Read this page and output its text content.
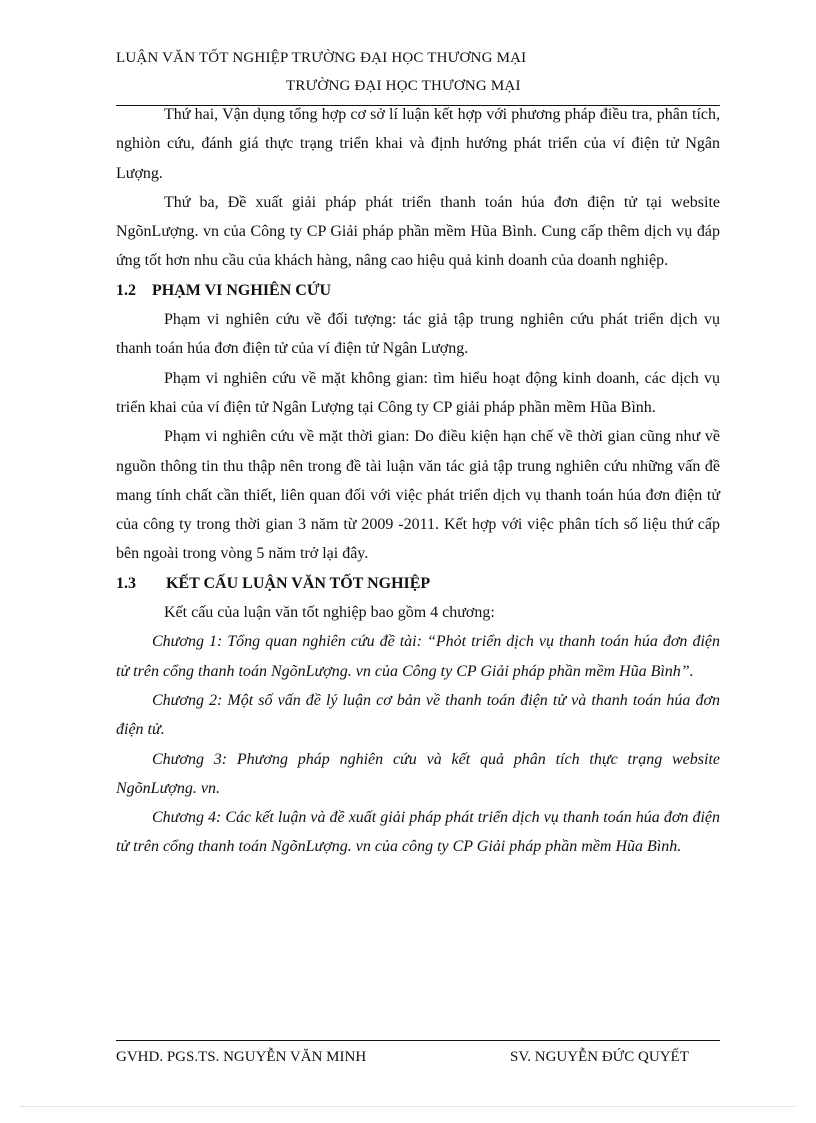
LUẬN VĂN TỐT NGHIỆP TRƯỜNG ĐẠI HỌC THƯƠNG MẠI
TRƯỜNG ĐẠI HỌC THƯƠNG MẠI

Thứ hai, Vận dụng tổng hợp cơ sở lí luận kết hợp với phương pháp điều tra, phân tích, nghiòn cứu, đánh giá thực trạng triển khai và định hướng phát triển của ví điện tử Ngân Lượng.

Thứ ba, Đề xuất giải pháp phát triển thanh toán húa đơn điện tử tại website NgõnLượng. vn của Công ty CP Giải pháp phần mềm Hũa Bình. Cung cấp thêm dịch vụ đáp ứng tốt hơn nhu cầu của khách hàng, nâng cao hiệu quả kinh doanh của doanh nghiệp.

1.2 PHẠM VI NGHIÊN CỨU

Phạm vi nghiên cứu về đối tượng: tác giả tập trung nghiên cứu phát triển dịch vụ thanh toán húa đơn điện tử của ví điện tử Ngân Lượng.

Phạm vi nghiên cứu về mặt không gian: tìm hiểu hoạt động kinh doanh, các dịch vụ triển khai của ví điện tử Ngân Lượng tại Công ty CP giải pháp phần mềm Hũa Bình.

Phạm vi nghiên cứu về mặt thời gian: Do điều kiện hạn chế về thời gian cũng như về nguồn thông tin thu thập nên trong đề tài luận văn tác giả tập trung nghiên cứu những vấn đề mang tính chất cần thiết, liên quan đối với việc phát triển dịch vụ thanh toán húa đơn điện tử của công ty trong thời gian 3 năm từ 2009 -2011. Kết hợp với việc phân tích số liệu thứ cấp bên ngoài trong vòng 5 năm trở lại đây.

1.3 KẾT CẤU LUẬN VĂN TỐT NGHIỆP

Kết cấu của luận văn tốt nghiệp bao gồm 4 chương:

Chương 1: Tổng quan nghiên cứu đề tài: “Phỏt triển dịch vụ thanh toán húa đơn điện tử trên cổng thanh toán NgõnLượng. vn của Công ty CP Giải pháp phần mềm Hũa Bình”.

Chương 2: Một số vấn đề lý luận cơ bản về thanh toán điện tử và thanh toán húa đơn điện tử.

Chương 3: Phương pháp nghiên cứu và kết quả phân tích thực trạng website NgõnLượng. vn.

Chương 4: Các kết luận và đề xuất giải pháp phát triển dịch vụ thanh toán húa đơn điện tử trên cổng thanh toán NgõnLượng. vn của công ty CP Giải pháp phần mềm Hũa Bình.

GVHD. PGS.TS. NGUYỄN VĂN MINH	SV. NGUYỄN ĐỨC QUYẾT
